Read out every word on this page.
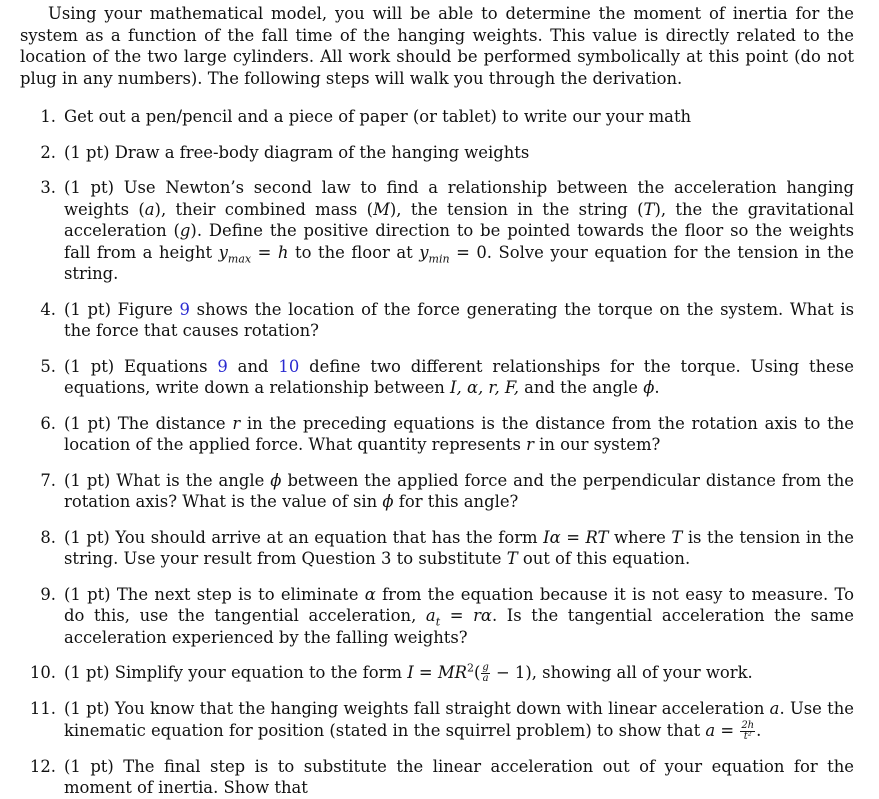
Using your mathematical model, you will be able to determine the moment of inertia for the system as a function of the fall time of the hanging weights. This value is directly related to the location of the two large cylinders. All work should be performed symbolically at this point (do not plug in any numbers). The following steps will walk you through the derivation.

1. Get out a pen/pencil and a piece of paper (or tablet) to write our your math
2. (1 pt) Draw a free-body diagram of the hanging weights
3. (1 pt) Use Newton’s second law to find a relationship between the acceleration hanging weights (a), their combined mass (M), the tension in the string (T), the the gravitational acceleration (g). Define the positive direction to be pointed towards the floor so the weights fall from a height $y_{max} = h$ to the floor at $y_{min} = 0$. Solve your equation for the tension in the string.
4. (1 pt) Figure 9 shows the location of the force generating the torque on the system. What is the force that causes rotation?
5. (1 pt) Equations 9 and 10 define two different relationships for the torque. Using these equations, write down a relationship between I, α, r, F, and the angle ϕ.
6. (1 pt) The distance r in the preceding equations is the distance from the rotation axis to the location of the applied force. What quantity represents r in our system?
7. (1 pt) What is the angle ϕ between the applied force and the perpendicular distance from the rotation axis? What is the value of sin ϕ for this angle?
8. (1 pt) You should arrive at an equation that has the form Iα = RT where T is the tension in the string. Use your result from Question 3 to substitute T out of this equation.
9. (1 pt) The next step is to eliminate α from the equation because it is not easy to measure. To do this, use the tangential acceleration, $a_t = r\alpha$. Is the tangential acceleration the same acceleration experienced by the falling weights?
10. (1 pt) Simplify your equation to the form $I = MR^2( \frac{g}{a} - 1)$, showing all of your work.
11. (1 pt) You know that the hanging weights fall straight down with linear acceleration a. Use the kinematic equation for position (stated in the squirrel problem) to show that $a = \frac{2h}{\text{t²}}$ .
12. (1 pt) The final step is to substitute the linear acceleration out of your equation for the moment of inertia. Show that
